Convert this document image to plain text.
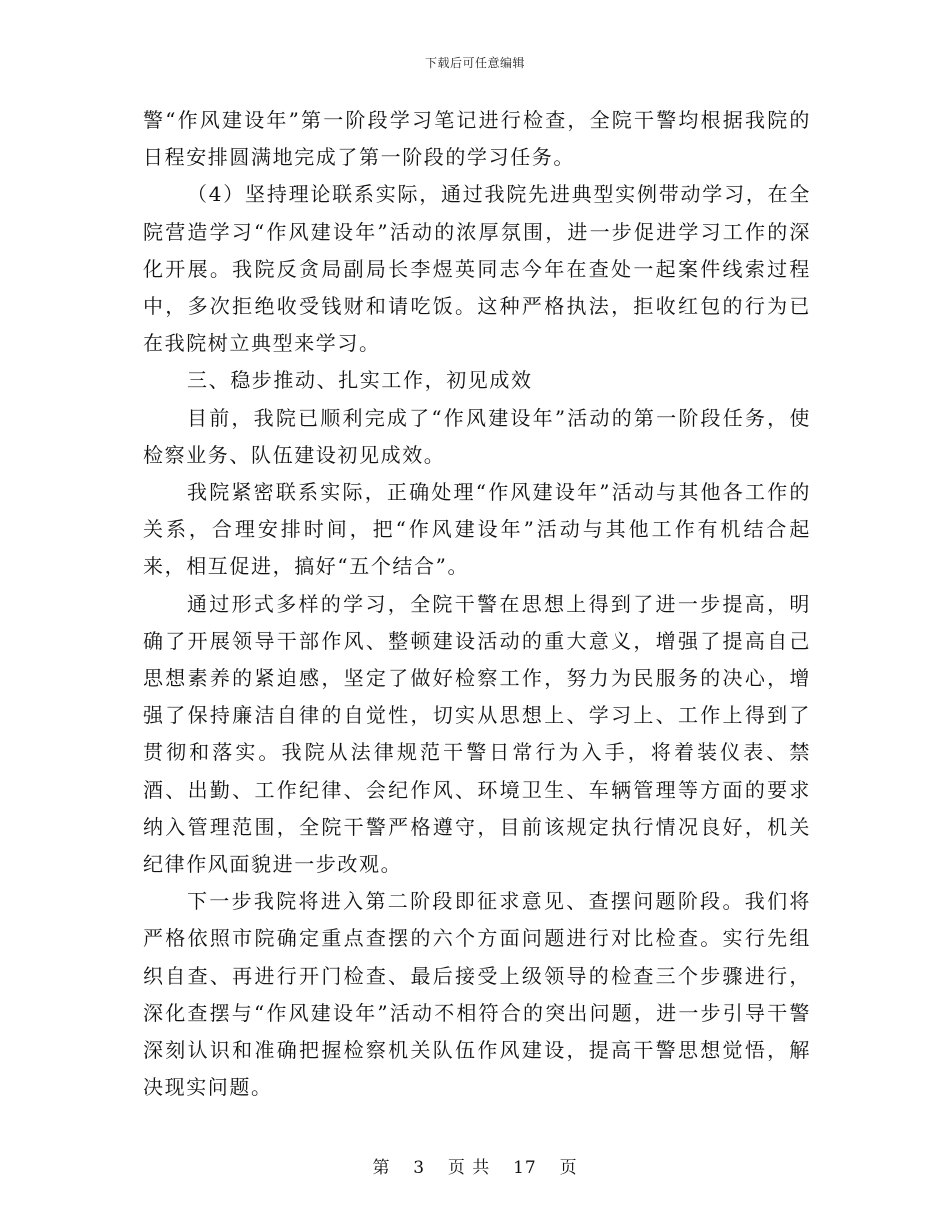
下载后可任意编辑

警“作风建设年”第一阶段学习笔记进行检查，全院干警均根据我院的日程安排圆满地完成了第一阶段的学习任务。

（4）坚持理论联系实际，通过我院先进典型实例带动学习，在全院营造学习“作风建设年”活动的浓厚氛围，进一步促进学习工作的深化开展。我院反贪局副局长李煜英同志今年在查处一起案件线索过程中，多次拒绝收受钱财和请吃饭。这种严格执法，拒收红包的行为已在我院树立典型来学习。

三、稳步推动、扎实工作，初见成效

目前，我院已顺利完成了“作风建设年”活动的第一阶段任务，使检察业务、队伍建设初见成效。

我院紧密联系实际，正确处理“作风建设年”活动与其他各工作的关系，合理安排时间，把“作风建设年”活动与其他工作有机结合起来，相互促进，搞好“五个结合”。

通过形式多样的学习，全院干警在思想上得到了进一步提高，明确了开展领导干部作风、整顿建设活动的重大意义，增强了提高自己思想素养的紧迫感，坚定了做好检察工作，努力为民服务的决心，增强了保持廉洁自律的自觉性，切实从思想上、学习上、工作上得到了贯彻和落实。我院从法律规范干警日常行为入手，将着装仪表、禁酒、出勤、工作纪律、会纪作风、环境卫生、车辆管理等方面的要求纳入管理范围，全院干警严格遵守，目前该规定执行情况良好，机关纪律作风面貌进一步改观。

下一步我院将进入第二阶段即征求意见、查摆问题阶段。我们将严格依照市院确定重点查摆的六个方面问题进行对比检查。实行先组织自查、再进行开门检查、最后接受上级领导的检查三个步骤进行，深化查摆与“作风建设年”活动不相符合的突出问题，进一步引导干警深刻认识和准确把握检察机关队伍作风建设，提高干警思想觉悟，解决现实问题。

第 3 页 共 17 页
